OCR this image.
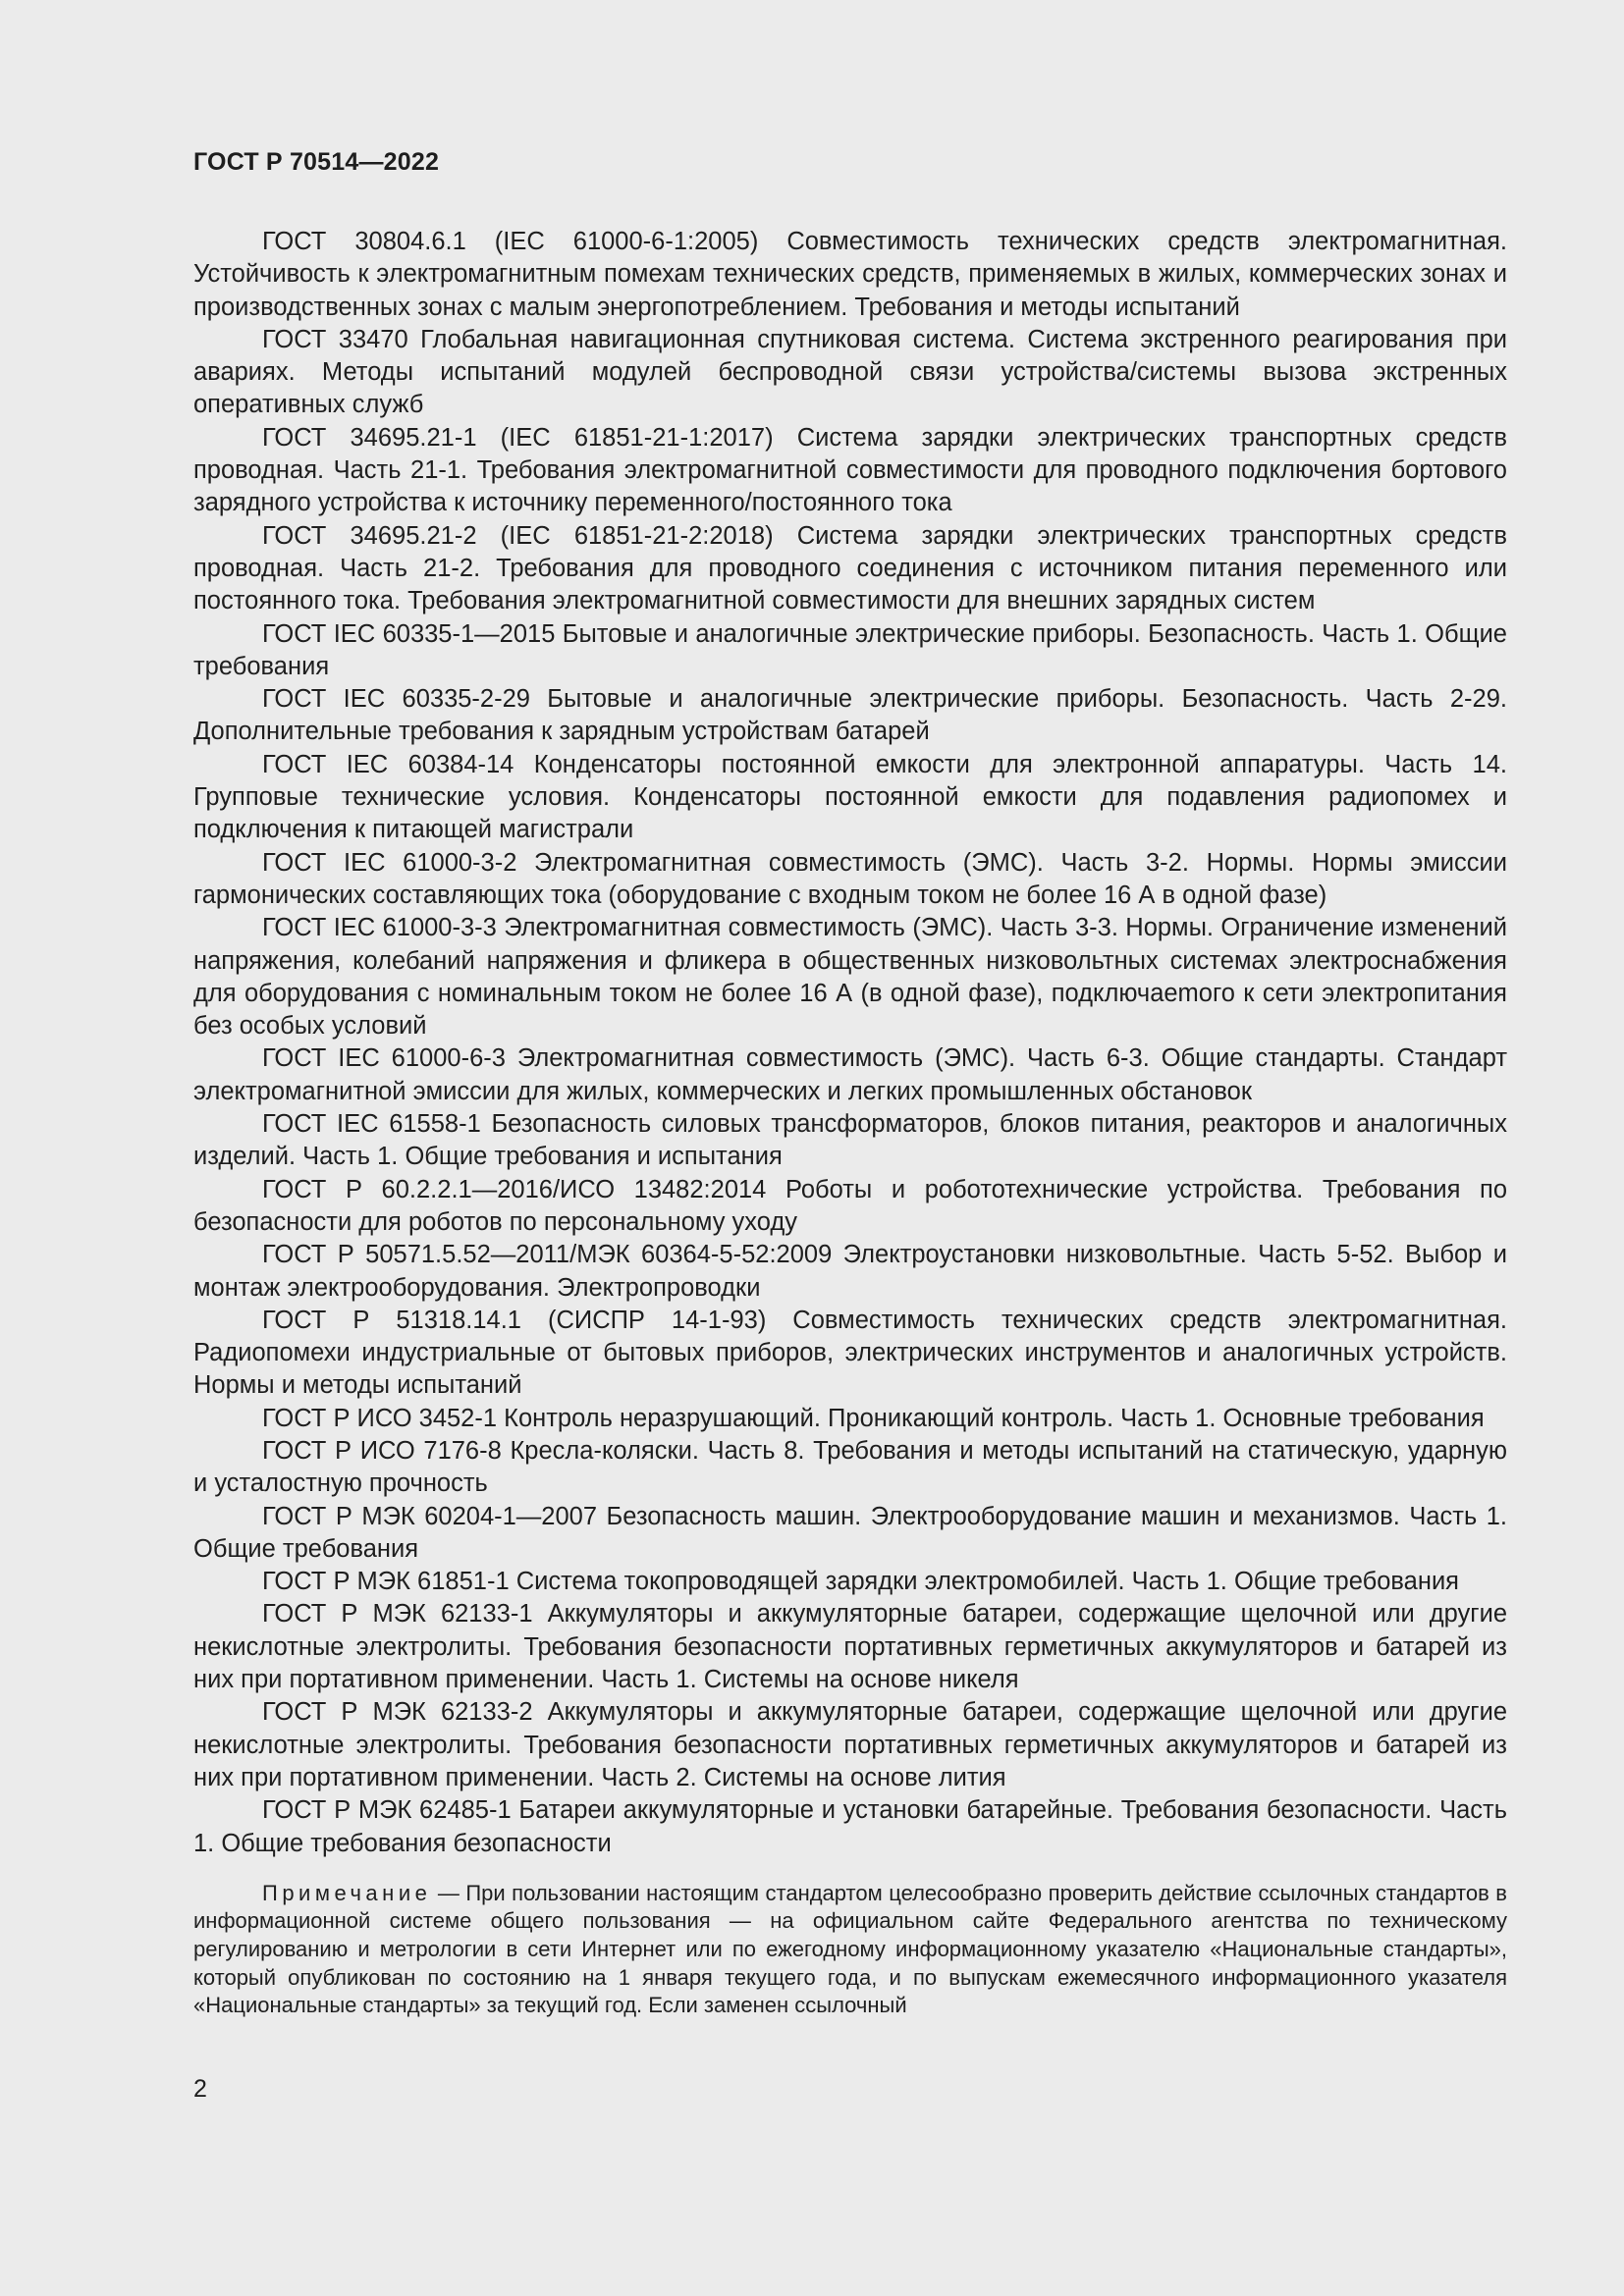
ГОСТ Р 70514—2022

ГОСТ 30804.6.1 (IEC 61000-6-1:2005) Совместимость технических средств электромагнитная. Устойчивость к электромагнитным помехам технических средств, применяемых в жилых, коммерческих зонах и производственных зонах с малым энергопотреблением. Требования и методы испытаний

ГОСТ 33470 Глобальная навигационная спутниковая система. Система экстренного реагирования при авариях. Методы испытаний модулей беспроводной связи устройства/системы вызова экстренных оперативных служб

ГОСТ 34695.21-1 (IEC 61851-21-1:2017) Система зарядки электрических транспортных средств проводная. Часть 21-1. Требования электромагнитной совместимости для проводного подключения бортового зарядного устройства к источнику переменного/постоянного тока

ГОСТ 34695.21-2 (IEC 61851-21-2:2018) Система зарядки электрических транспортных средств проводная. Часть 21-2. Требования для проводного соединения с источником питания переменного или постоянного тока. Требования электромагнитной совместимости для внешних зарядных систем

ГОСТ IEC 60335-1—2015 Бытовые и аналогичные электрические приборы. Безопасность. Часть 1. Общие требования

ГОСТ IEC 60335-2-29 Бытовые и аналогичные электрические приборы. Безопасность. Часть 2-29. Дополнительные требования к зарядным устройствам батарей

ГОСТ IEC 60384-14 Конденсаторы постоянной емкости для электронной аппаратуры. Часть 14. Групповые технические условия. Конденсаторы постоянной емкости для подавления радиопомех и подключения к питающей магистрали

ГОСТ IEC 61000-3-2 Электромагнитная совместимость (ЭМС). Часть 3-2. Нормы. Нормы эмиссии гармонических составляющих тока (оборудование с входным током не более 16 А в одной фазе)

ГОСТ IEC 61000-3-3 Электромагнитная совместимость (ЭМС). Часть 3-3. Нормы. Ограничение изменений напряжения, колебаний напряжения и фликера в общественных низковольтных системах электроснабжения для оборудования с номинальным током не более 16 А (в одной фазе), подключаеmого к сети электропитания без особых условий

ГОСТ IEC 61000-6-3 Электромагнитная совместимость (ЭМС). Часть 6-3. Общие стандарты. Стандарт электромагнитной эмиссии для жилых, коммерческих и легких промышленных обстановок

ГОСТ IEC 61558-1 Безопасность силовых трансформаторов, блоков питания, реакторов и аналогичных изделий. Часть 1. Общие требования и испытания

ГОСТ Р 60.2.2.1—2016/ИСО 13482:2014 Роботы и робототехнические устройства. Требования по безопасности для роботов по персональному уходу

ГОСТ Р 50571.5.52—2011/МЭК 60364-5-52:2009 Электроустановки низковольтные. Часть 5-52. Выбор и монтаж электрооборудования. Электропроводки

ГОСТ Р 51318.14.1 (СИСПР 14-1-93) Совместимость технических средств электромагнитная. Радиопомехи индустриальные от бытовых приборов, электрических инструментов и аналогичных устройств. Нормы и методы испытаний

ГОСТ Р ИСО 3452-1 Контроль неразрушающий. Проникающий контроль. Часть 1. Основные требования

ГОСТ Р ИСО 7176-8 Кресла-коляски. Часть 8. Требования и методы испытаний на статическую, ударную и усталостную прочность

ГОСТ Р МЭК 60204-1—2007 Безопасность машин. Электрооборудование машин и механизмов. Часть 1. Общие требования

ГОСТ Р МЭК 61851-1 Система токопроводящей зарядки электромобилей. Часть 1. Общие требования

ГОСТ Р МЭК 62133-1 Аккумуляторы и аккумуляторные батареи, содержащие щелочной или другие некислотные электролиты. Требования безопасности портативных герметичных аккумуляторов и батарей из них при портативном применении. Часть 1. Системы на основе никеля

ГОСТ Р МЭК 62133-2 Аккумуляторы и аккумуляторные батареи, содержащие щелочной или другие некислотные электролиты. Требования безопасности портативных герметичных аккумуляторов и батарей из них при портативном применении. Часть 2. Системы на основе лития

ГОСТ Р МЭК 62485-1 Батареи аккумуляторные и установки батарейные. Требования безопасности. Часть 1. Общие требования безопасности

Примечание — При пользовании настоящим стандартом целесообразно проверить действие ссылочных стандартов в информационной системе общего пользования — на официальном сайте Федерального агентства по техническому регулированию и метрологии в сети Интернет или по ежегодному информационному указателю «Национальные стандарты», который опубликован по состоянию на 1 января текущего года, и по выпускам ежемесячного информационного указателя «Национальные стандарты» за текущий год. Если заменен ссылочный

2
